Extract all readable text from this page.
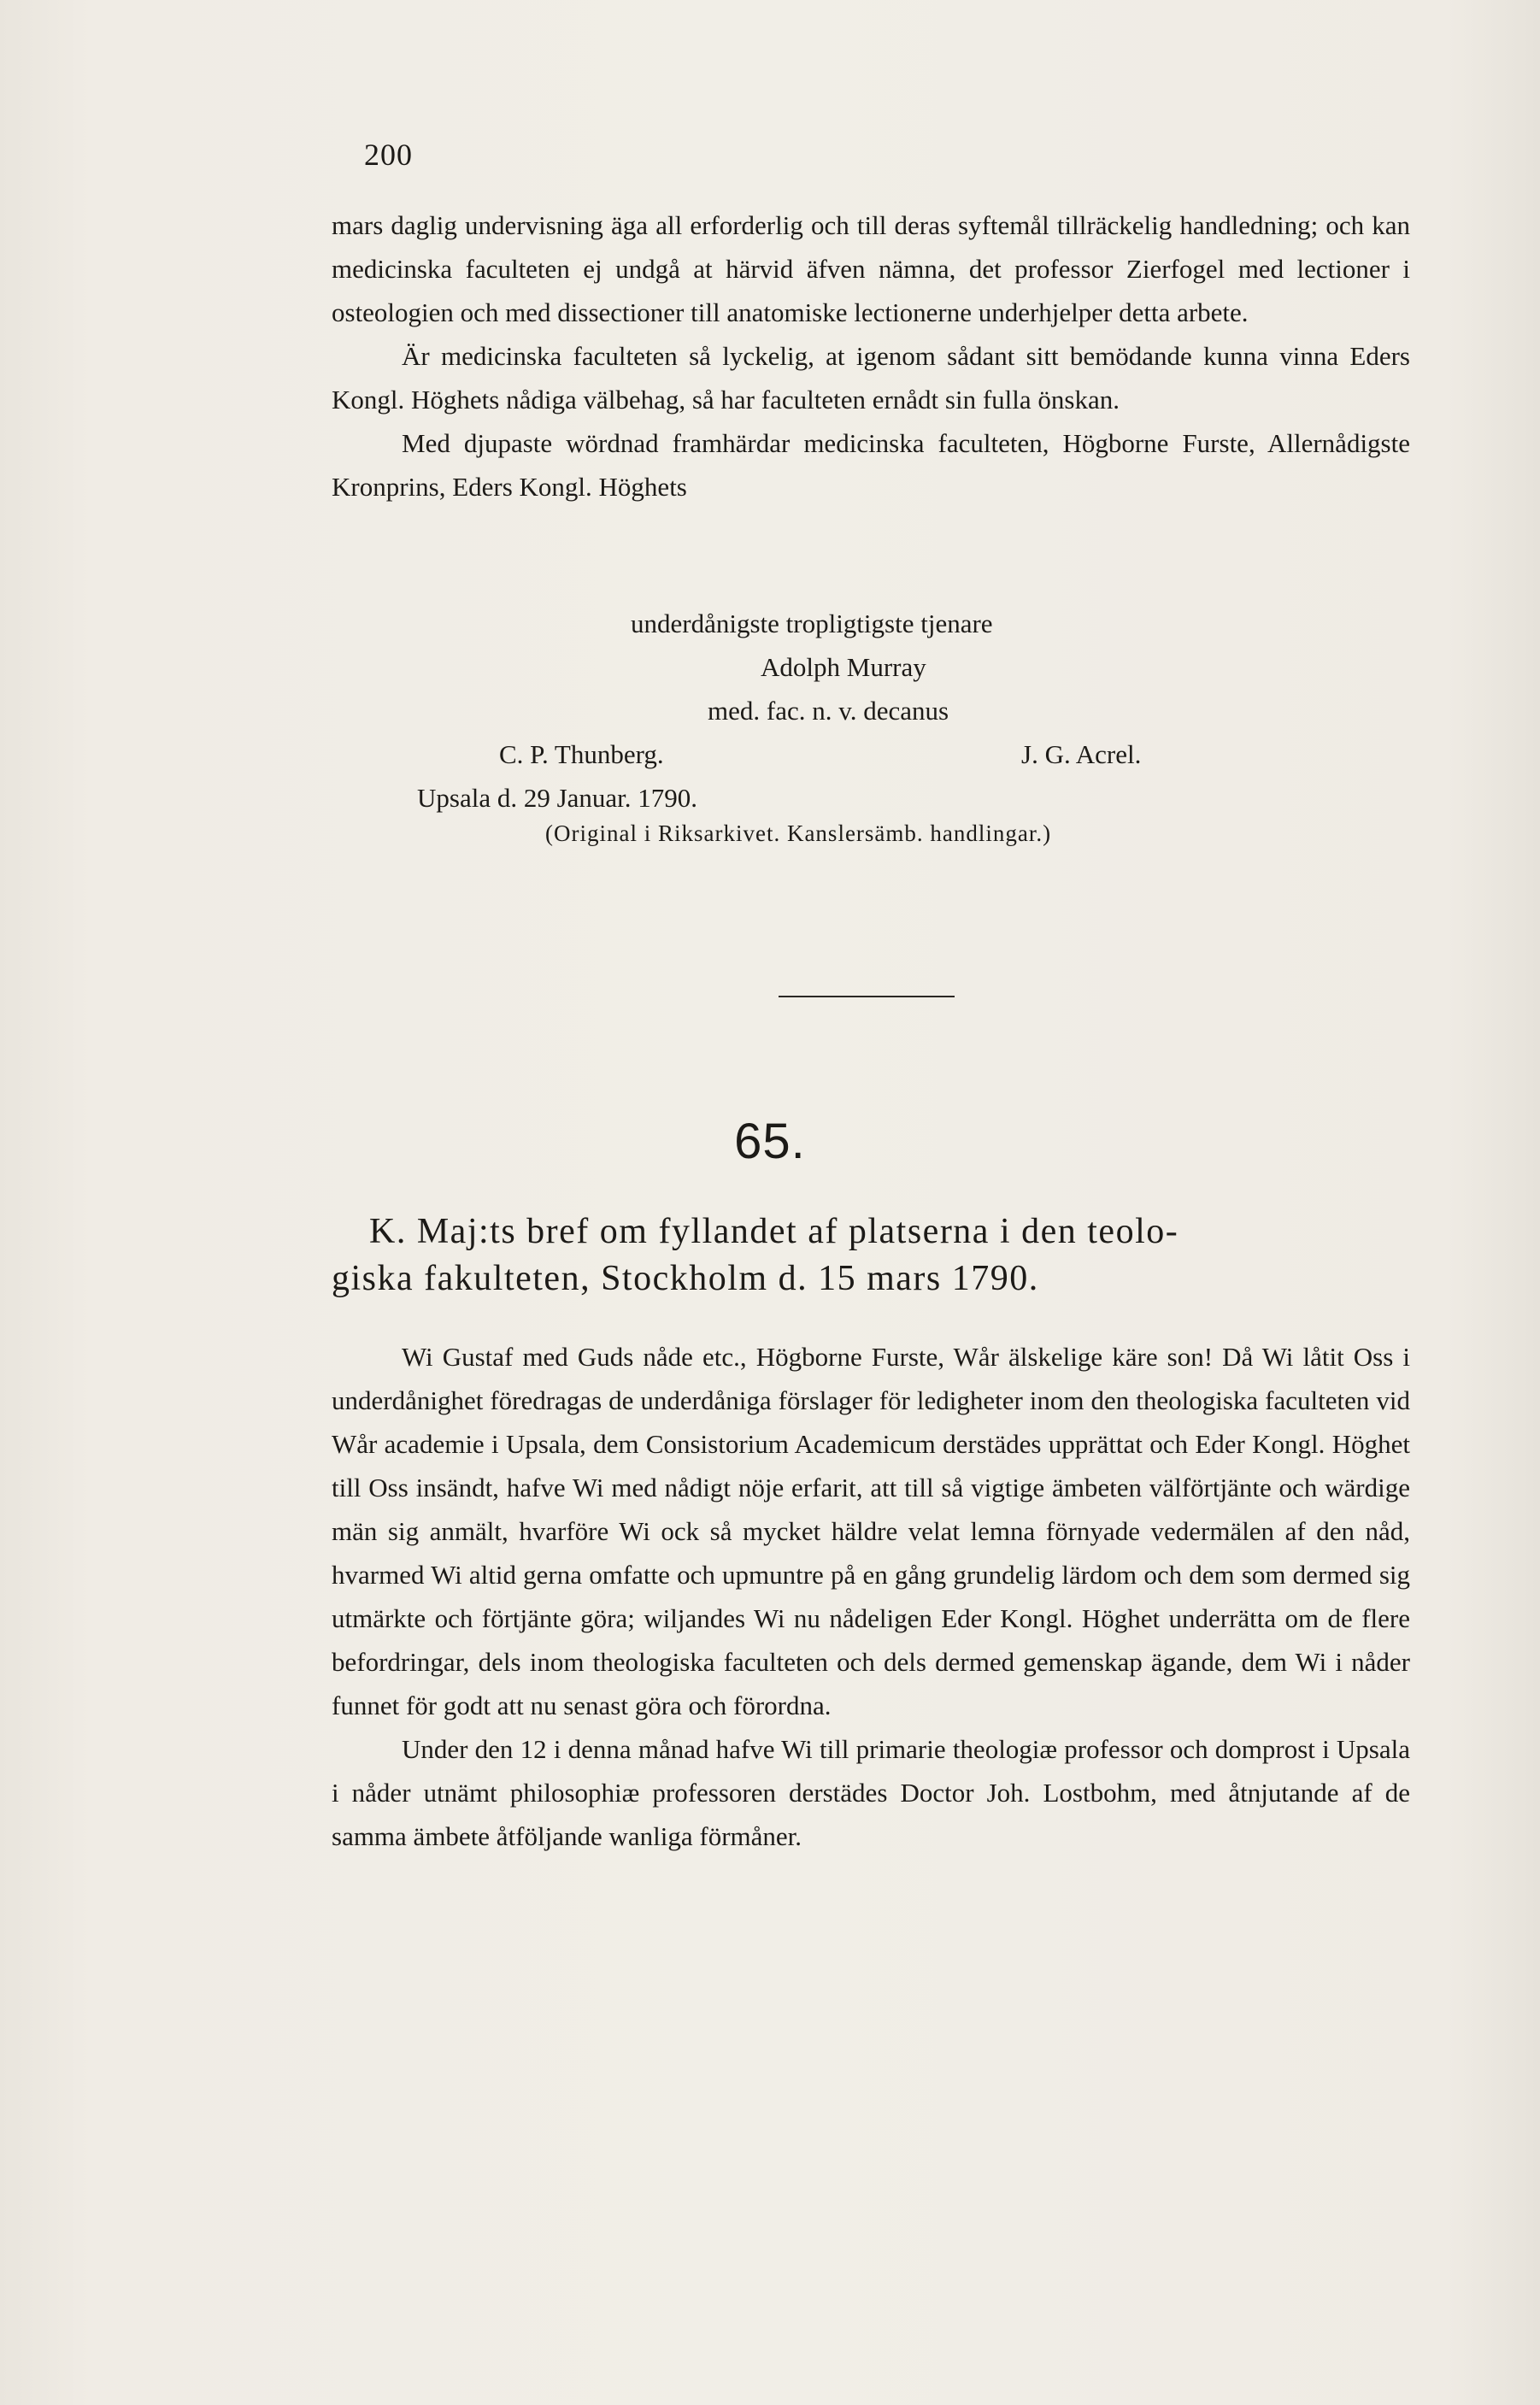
200

mars daglig undervisning äga all erforderlig och till deras syftemål tillräckelig handledning; och kan medicinska faculteten ej undgå at härvid äfven nämna, det professor Zierfogel med lectioner i osteologien och med dissectioner till anatomiske lectionerne underhjelper detta arbete.

Är medicinska faculteten så lyckelig, at igenom sådant sitt bemödande kunna vinna Eders Kongl. Höghets nådiga välbehag, så har faculteten ernådt sin fulla önskan.

Med djupaste wördnad framhärdar medicinska faculteten, Högborne Furste, Allernådigste Kronprins, Eders Kongl. Höghets

underdånigste tropligtigste tjenare
Adolph Murray
med. fac. n. v. decanus
C. P. Thunberg.	J. G. Acrel.
Upsala d. 29 Januar. 1790.
(Original i Riksarkivet. Kanslersämb. handlingar.)
65.
K. Maj:ts bref om fyllandet af platserna i den teolo-
giska fakulteten, Stockholm d. 15 mars 1790.

Wi Gustaf med Guds nåde etc., Högborne Furste, Wår älskelige käre son! Då Wi låtit Oss i underdånighet föredragas de underdåniga förslager för ledigheter inom den theologiska faculteten vid Wår academie i Upsala, dem Consistorium Academicum derstädes upprättat och Eder Kongl. Höghet till Oss insändt, hafve Wi med nådigt nöje erfarit, att till så vigtige ämbeten välförtjänte och wärdige män sig anmält, hvarföre Wi ock så mycket häldre velat lemna förnyade vedermälen af den nåd, hvarmed Wi altid gerna omfatte och upmuntre på en gång grundelig lärdom och dem som dermed sig utmärkte och förtjänte göra; wiljandes Wi nu nådeligen Eder Kongl. Höghet underrätta om de flere befordringar, dels inom theologiska faculteten och dels dermed gemenskap ägande, dem Wi i nåder funnet för godt att nu senast göra och förordna.

Under den 12 i denna månad hafve Wi till primarie theologiæ professor och domprost i Upsala i nåder utnämt philosophiæ professoren derstädes Doctor Joh. Lostbohm, med åtnjutande af de samma ämbete åtföljande wanliga förmåner.
